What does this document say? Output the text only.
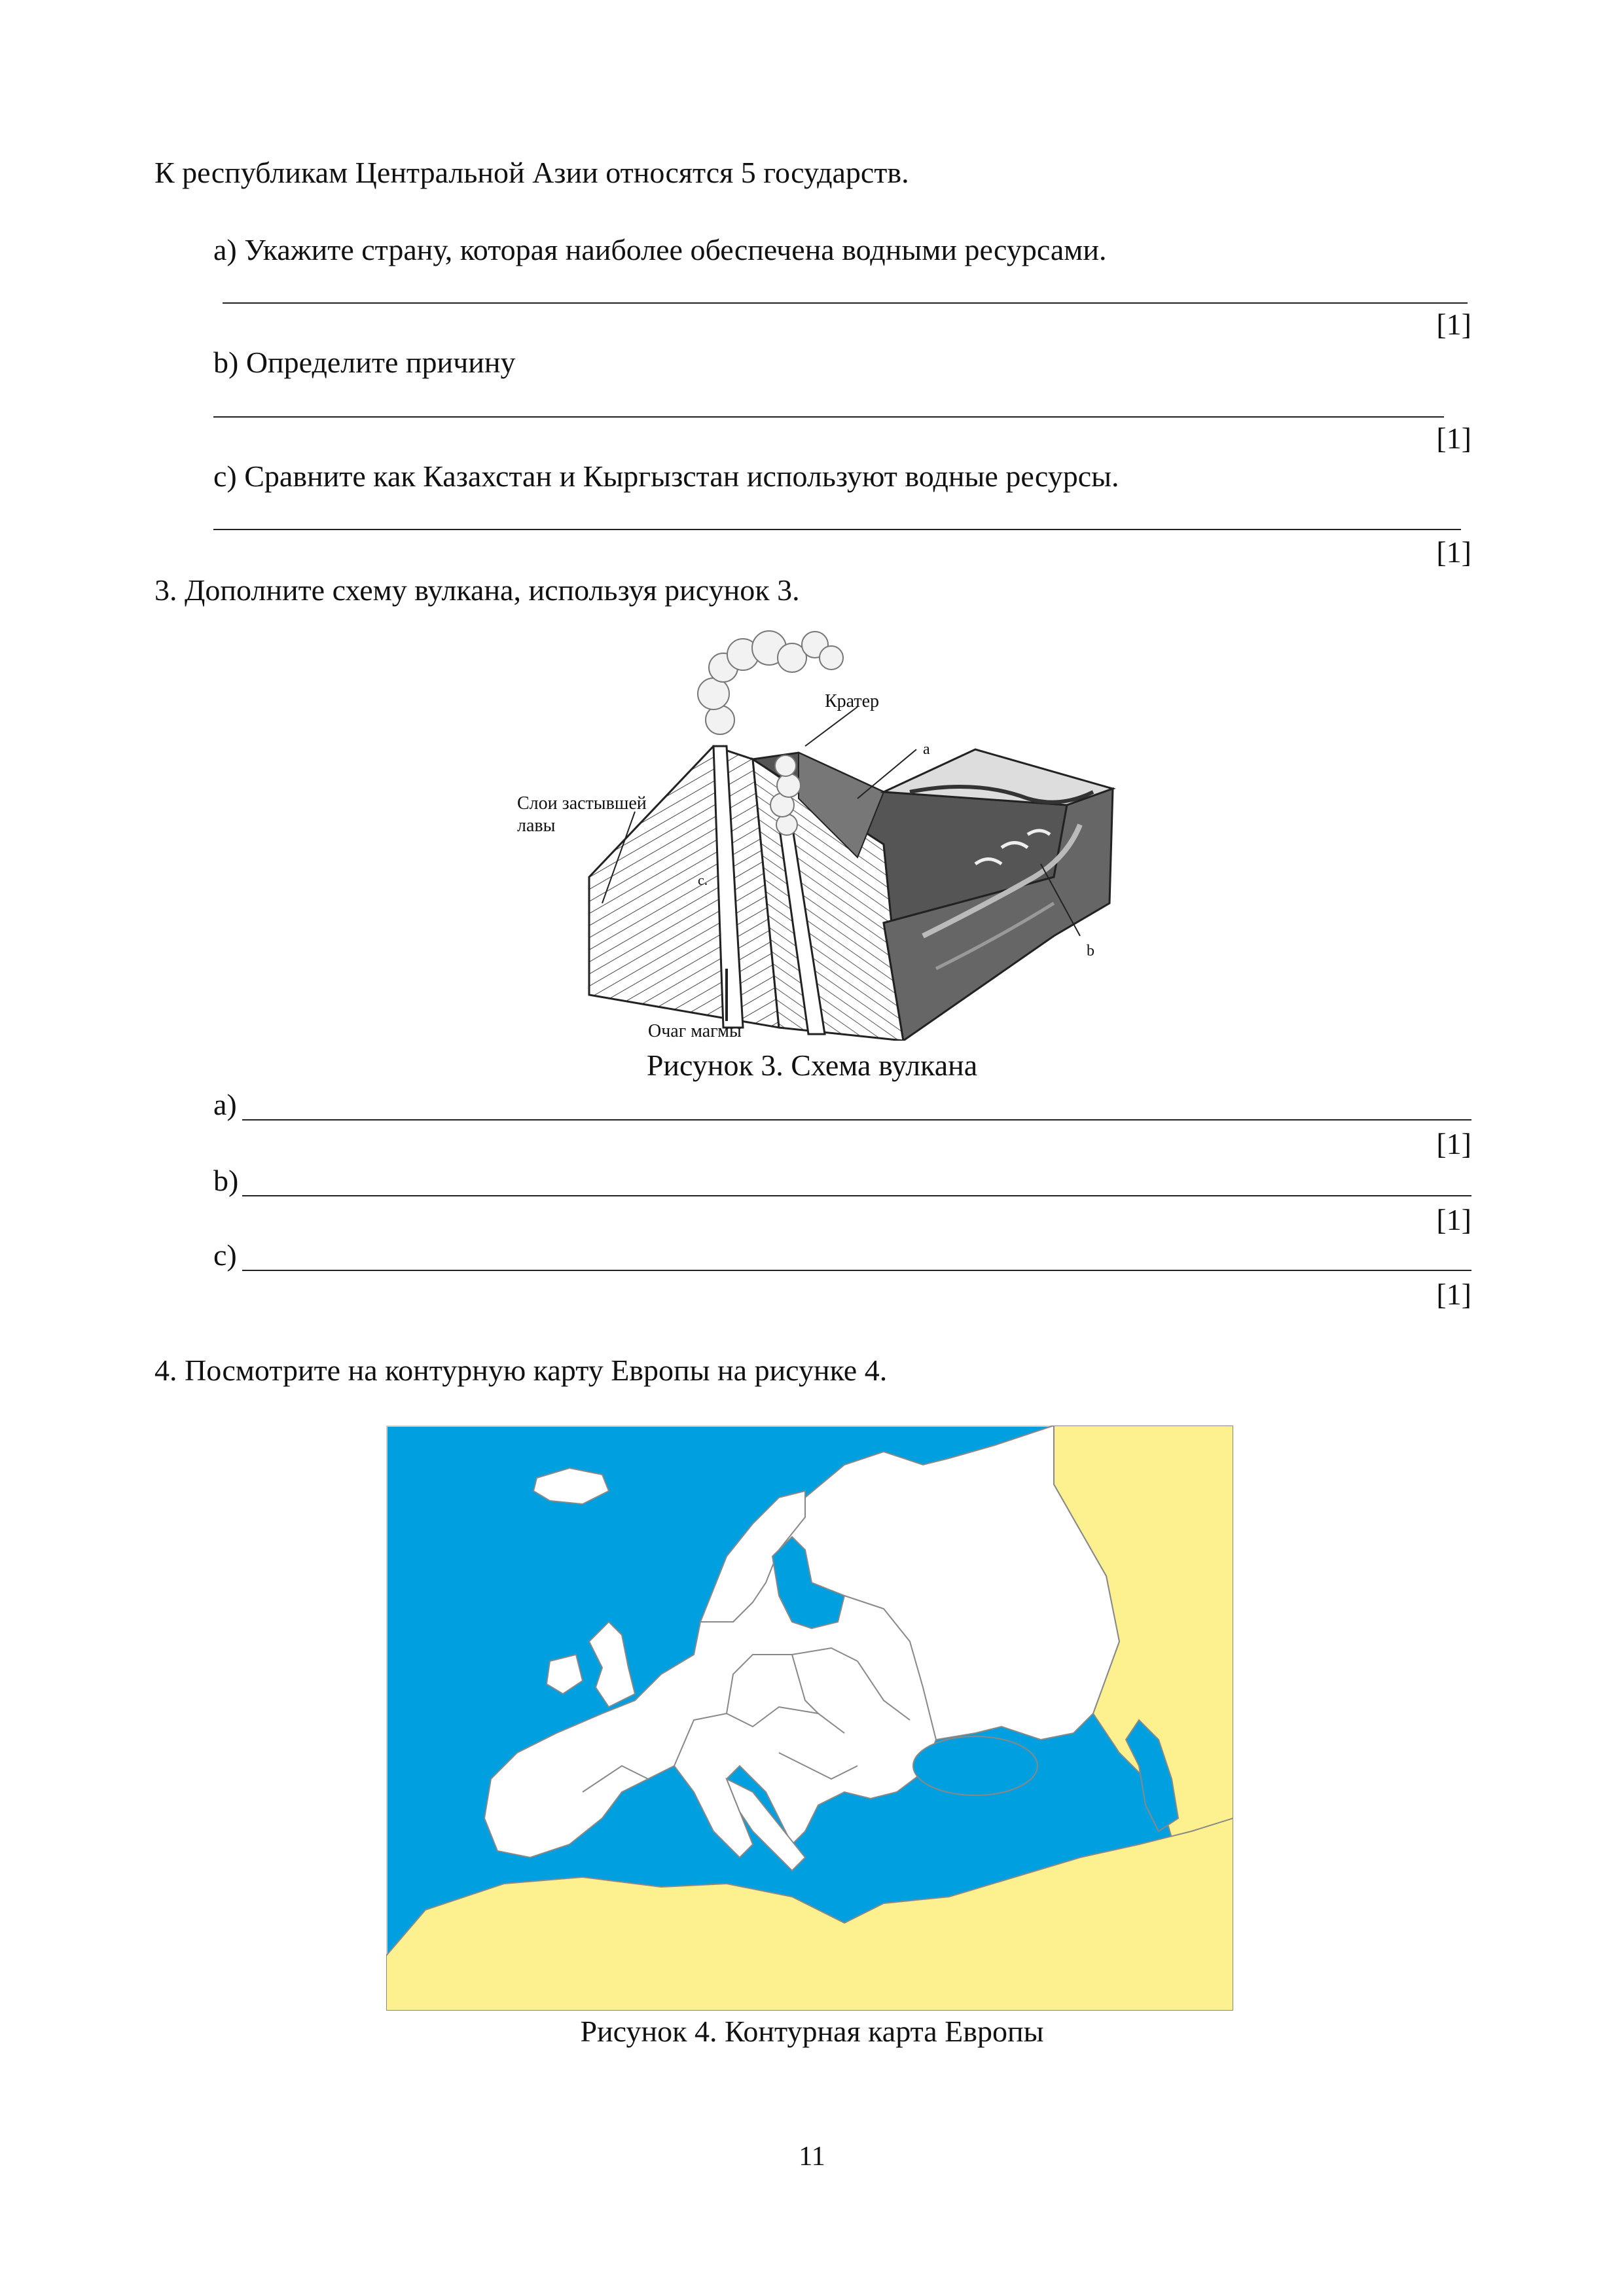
К республикам Центральной Азии относятся 5 государств.
a) Укажите страну, которая наиболее обеспечена водными ресурсами.
[1]
b) Определите причину
[1]
c) Сравните как Казахстан и Кыргызстан используют водные ресурсы.
[1]
3. Дополните схему вулкана, используя рисунок 3.
Кратер
a
Слои застывшей
лавы
c.
b
Очаг магмы
Рисунок 3. Схема вулкана
a)
[1]
b)
[1]
c)
[1]
4. Посмотрите на контурную карту Европы на рисунке 4.
Рисунок 4. Контурная карта Европы
11
